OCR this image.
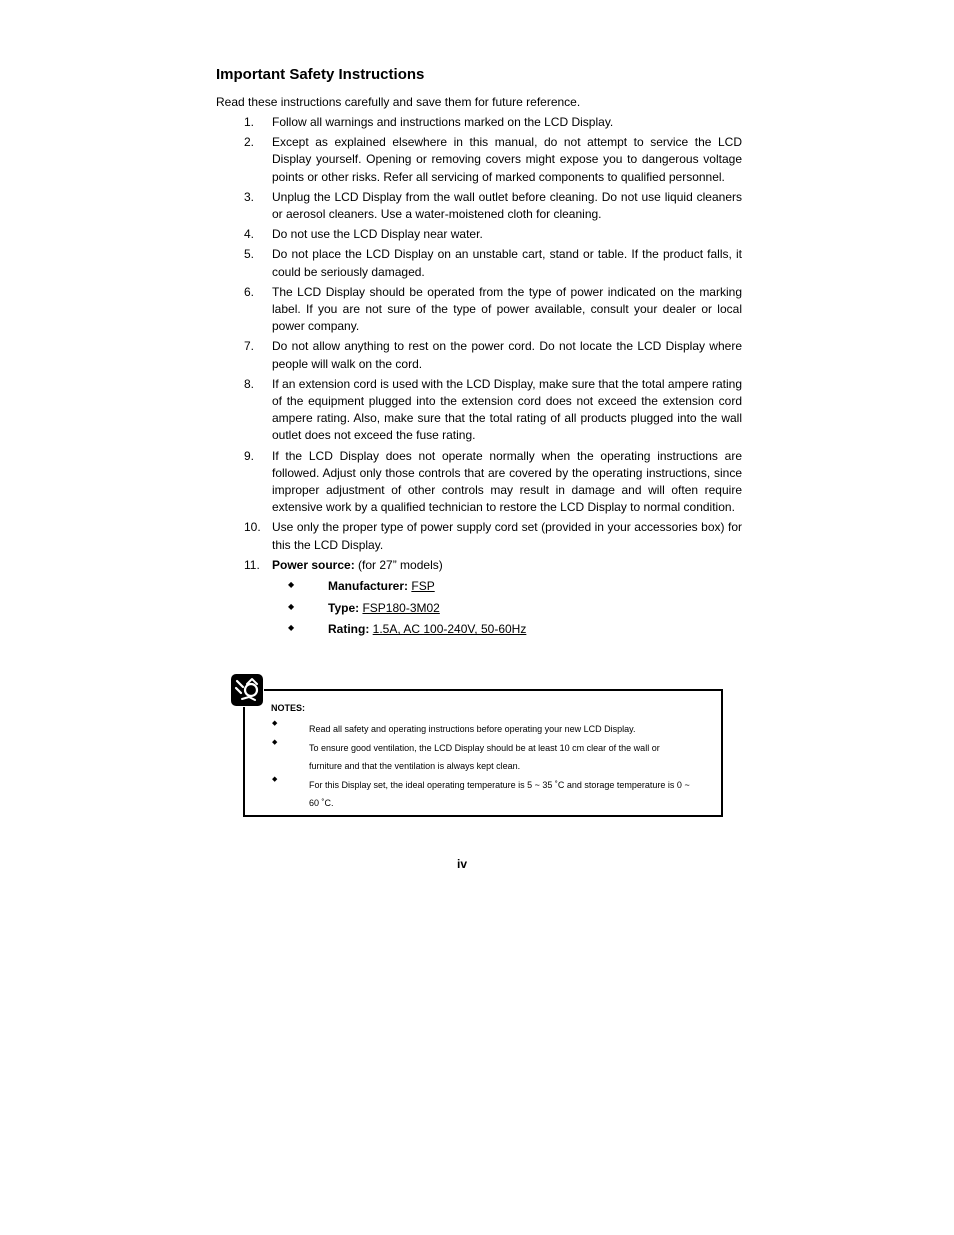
Important Safety Instructions

Read these instructions carefully and save them for future reference.

1. Follow all warnings and instructions marked on the LCD Display.
2. Except as explained elsewhere in this manual, do not attempt to service the LCD Display yourself. Opening or removing covers might expose you to dangerous voltage points or other risks. Refer all servicing of marked components to qualified personnel.
3. Unplug the LCD Display from the wall outlet before cleaning. Do not use liquid cleaners or aerosol cleaners. Use a water-moistened cloth for cleaning.
4. Do not use the LCD Display near water.
5. Do not place the LCD Display on an unstable cart, stand or table. If the product falls, it could be seriously damaged.
6. The LCD Display should be operated from the type of power indicated on the marking label. If you are not sure of the type of power available, consult your dealer or local power company.
7. Do not allow anything to rest on the power cord. Do not locate the LCD Display where people will walk on the cord.
8. If an extension cord is used with the LCD Display, make sure that the total ampere rating of the equipment plugged into the extension cord does not exceed the extension cord ampere rating. Also, make sure that the total rating of all products plugged into the wall outlet does not exceed the fuse rating.
9. If the LCD Display does not operate normally when the operating instructions are followed. Adjust only those controls that are covered by the operating instructions, since improper adjustment of other controls may result in damage and will often require extensive work by a qualified technician to restore the LCD Display to normal condition.
10. Use only the proper type of power supply cord set (provided in your accessories box) for this the LCD Display.
11. Power source: (for 27” models)
◆	Manufacturer: FSP
◆	Type: FSP180-3M02
◆	Rating: 1.5A, AC 100-240V, 50-60Hz

NOTES:

◆
Read all safety and operating instructions before operating your new LCD Display.
◆
To ensure good ventilation, the LCD Display should be at least 10 cm clear of the wall or furniture and that the ventilation is always kept clean.
◆
For this Display set, the ideal operating temperature is 5 ~ 35 ˚C and storage temperature is 0 ~ 60 ˚C.
iv
